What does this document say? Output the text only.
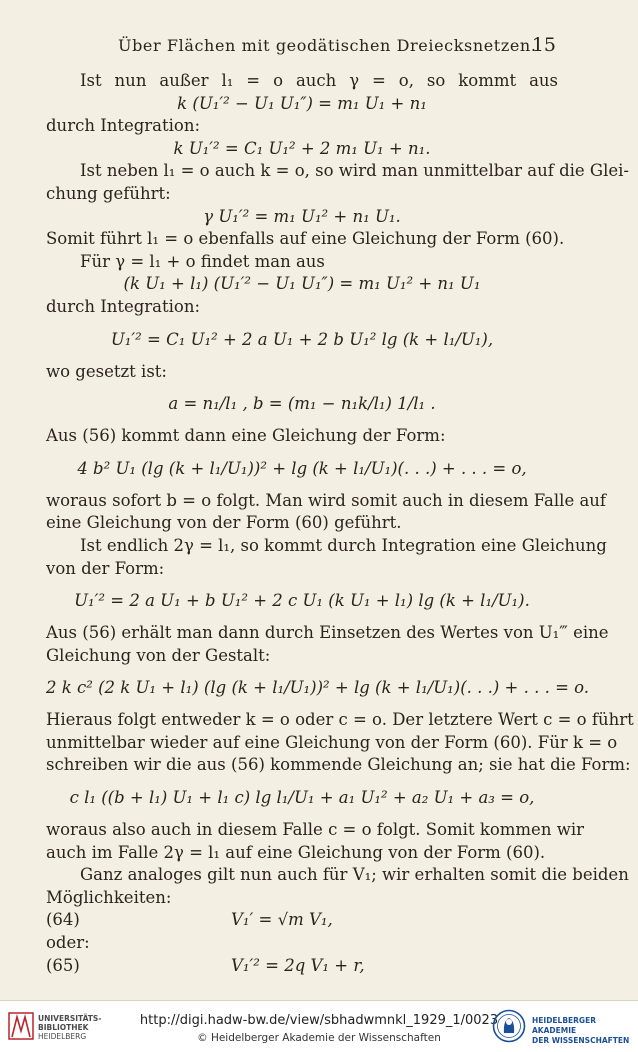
Über Flächen mit geodätischen Dreiecksnetzen.
15
Ist nun außer l₁ = o auch γ = o, so kommt aus
k (U₁′² − U₁ U₁″) = m₁ U₁ + n₁
durch Integration:
k U₁′² = C₁ U₁² + 2 m₁ U₁ + n₁.
Ist neben l₁ = o auch k = o, so wird man unmittelbar auf die Glei-
chung geführt:
γ U₁′² = m₁ U₁² + n₁ U₁.
Somit führt l₁ = o ebenfalls auf eine Gleichung der Form (60).
Für γ = l₁ + o findet man aus
(k U₁ + l₁) (U₁′² − U₁ U₁″) = m₁ U₁² + n₁ U₁
durch Integration:
U₁′² = C₁ U₁² + 2 a U₁ + 2 b U₁² lg (k + l₁/U₁),
wo gesetzt ist:
a = n₁/l₁ , b = (m₁ − n₁k/l₁) 1/l₁ .
Aus (56) kommt dann eine Gleichung der Form:
4 b² U₁ (lg (k + l₁/U₁))² + lg (k + l₁/U₁)(. . .) + . . . = o,
woraus sofort b = o folgt. Man wird somit auch in diesem Falle auf
eine Gleichung von der Form (60) geführt.
Ist endlich 2γ = l₁, so kommt durch Integration eine Gleichung
von der Form:
U₁′² = 2 a U₁ + b U₁² + 2 c U₁ (k U₁ + l₁) lg (k + l₁/U₁).
Aus (56) erhält man dann durch Einsetzen des Wertes von U₁‴ eine
Gleichung von der Gestalt:
2 k c² (2 k U₁ + l₁) (lg (k + l₁/U₁))² + lg (k + l₁/U₁)(. . .) + . . . = o.
Hieraus folgt entweder k = o oder c = o. Der letztere Wert c = o führt
unmittelbar wieder auf eine Gleichung von der Form (60). Für k = o
schreiben wir die aus (56) kommende Gleichung an; sie hat die Form:
c l₁ ((b + l₁) U₁ + l₁ c) lg l₁/U₁ + a₁ U₁² + a₂ U₁ + a₃ = o,
woraus also auch in diesem Falle c = o folgt. Somit kommen wir
auch im Falle 2γ = l₁ auf eine Gleichung von der Form (60).
Ganz analoges gilt nun auch für V₁; wir erhalten somit die beiden
Möglichkeiten:
(64)	V₁′ = √m V₁,
oder:
(65)	V₁′² = 2q V₁ + r,
UNIVERSITÄTS-
BIBLIOTHEK
HEIDELBERG
http://digi.hadw-bw.de/view/sbhadwmnkl_1929_1/0023
© Heidelberger Akademie der Wissenschaften
HEIDELBERGER AKADEMIE
DER WISSENSCHAFTEN
